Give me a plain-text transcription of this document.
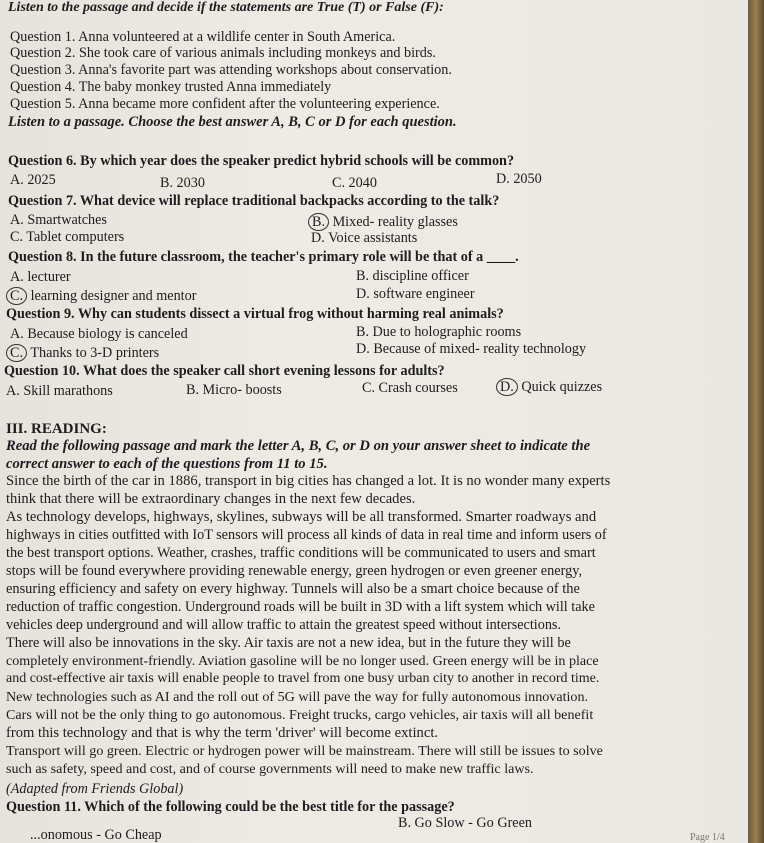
Listen to the passage and decide if the statements are True (T) or False (F):
Question 1. Anna volunteered at a wildlife center in South America.
Question 2. She took care of various animals including monkeys and birds.
Question 3. Anna's favorite part was attending workshops about conservation.
Question 4. The baby monkey trusted Anna immediately
Question 5. Anna became more confident after the volunteering experience.
Listen to a passage. Choose the best answer A, B, C or D for each question.
Question 6. By which year does the speaker predict hybrid schools will be common?
A. 2025	B. 2030	C. 2040	D. 2050
Question 7. What device will replace traditional backpacks according to the talk?
A. Smartwatches	B. Mixed- reality glasses
C. Tablet computers	D. Voice assistants
Question 8. In the future classroom, the teacher's primary role will be that of a ____.
A. lecturer	B. discipline officer
C. learning designer and mentor	D. software engineer
Question 9. Why can students dissect a virtual frog without harming real animals?
A. Because biology is canceled	B. Due to holographic rooms
C. Thanks to 3-D printers	D. Because of mixed- reality technology
Question 10. What does the speaker call short evening lessons for adults?
A. Skill marathons	B. Micro- boosts	C. Crash courses	D. Quick quizzes
III. READING:
Read the following passage and mark the letter A, B, C, or D on your answer sheet to indicate the
correct answer to each of the questions from 11 to 15.
Since the birth of the car in 1886, transport in big cities has changed a lot. It is no wonder many experts
think that there will be extraordinary changes in the next few decades.
As technology develops, highways, skylines, subways will be all transformed. Smarter roadways and
highways in cities outfitted with IoT sensors will process all kinds of data in real time and inform users of
the best transport options. Weather, crashes, traffic conditions will be communicated to users and smart
stops will be found everywhere providing renewable energy, green hydrogen or even greener energy,
ensuring efficiency and safety on every highway. Tunnels will also be a smart choice because of the
reduction of traffic congestion. Underground roads will be built in 3D with a lift system which will take
vehicles deep underground and will allow traffic to attain the greatest speed without intersections.
There will also be innovations in the sky. Air taxis are not a new idea, but in the future they will be
completely environment-friendly. Aviation gasoline will be no longer used. Green energy will be in place
and cost-effective air taxis will enable people to travel from one busy urban city to another in record time.
New technologies such as AI and the roll out of 5G will pave the way for fully autonomous innovation.
Cars will not be the only thing to go autonomous. Freight trucks, cargo vehicles, air taxis will all benefit
from this technology and that is why the term 'driver' will become extinct.
Transport will go green. Electric or hydrogen power will be mainstream. There will still be issues to solve
such as safety, speed and cost, and of course governments will need to make new traffic laws.
(Adapted from Friends Global)
Question 11. Which of the following could be the best title for the passage?
...onomous - Go Cheap
B. Go Slow - Go Green
Page 1/4
